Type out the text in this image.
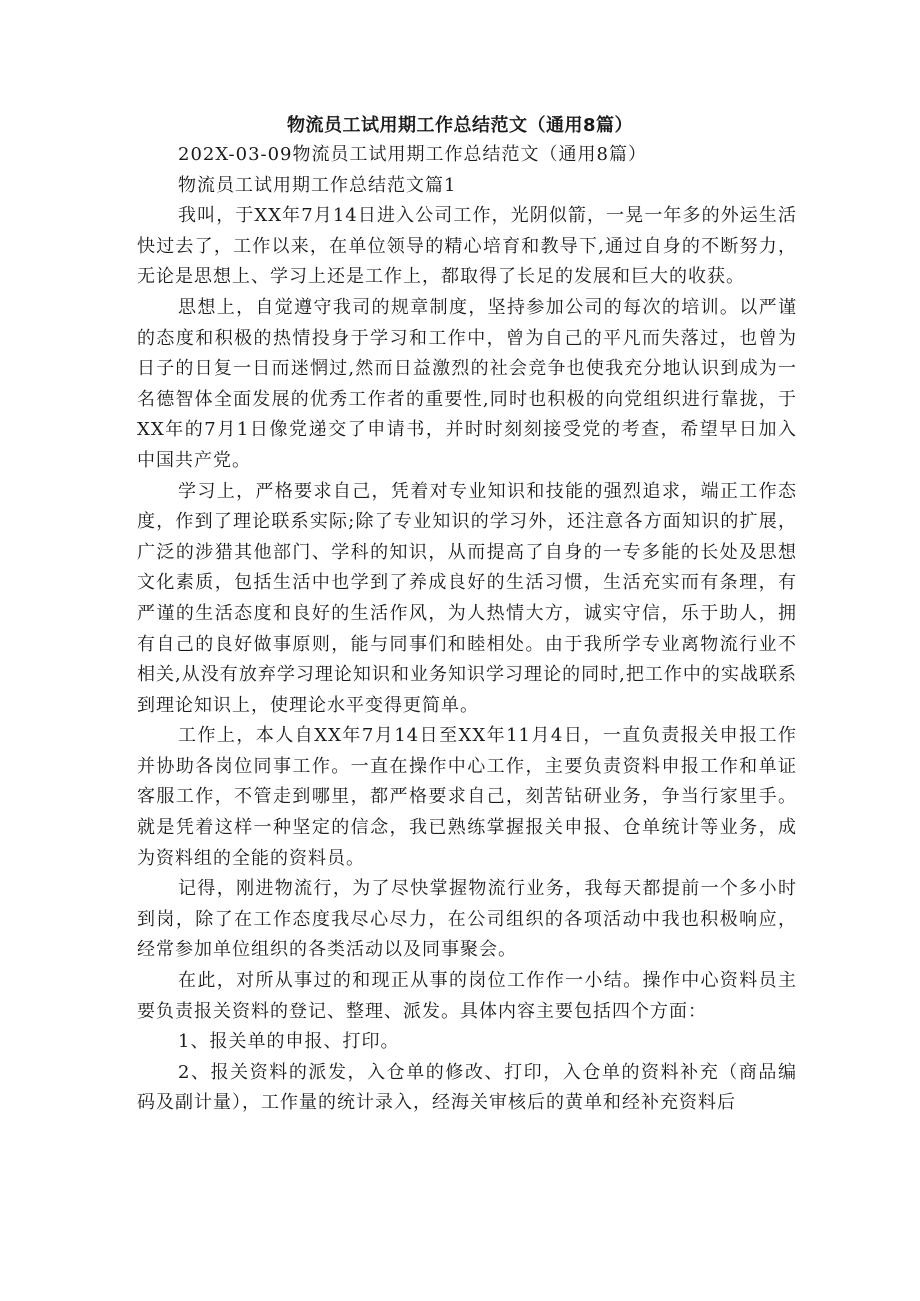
物流员工试用期工作总结范文（通用8篇）

202X-03-09物流员工试用期工作总结范文（通用8篇）

物流员工试用期工作总结范文篇1

我叫，于XX年7月14日进入公司工作，光阴似箭，一晃一年多的外运生活快过去了，工作以来，在单位领导的精心培育和教导下,通过自身的不断努力，无论是思想上、学习上还是工作上，都取得了长足的发展和巨大的收获。

思想上，自觉遵守我司的规章制度，坚持参加公司的每次的培训。以严谨的态度和积极的热情投身于学习和工作中，曾为自己的平凡而失落过，也曾为日子的日复一日而迷惘过,然而日益激烈的社会竞争也使我充分地认识到成为一名德智体全面发展的优秀工作者的重要性,同时也积极的向党组织进行靠拢，于XX年的7月1日像党递交了申请书，并时时刻刻接受党的考查，希望早日加入中国共产党。

学习上，严格要求自己，凭着对专业知识和技能的强烈追求，端正工作态度，作到了理论联系实际;除了专业知识的学习外，还注意各方面知识的扩展，广泛的涉猎其他部门、学科的知识，从而提高了自身的一专多能的长处及思想文化素质，包括生活中也学到了养成良好的生活习惯，生活充实而有条理，有严谨的生活态度和良好的生活作风，为人热情大方，诚实守信，乐于助人，拥有自己的良好做事原则，能与同事们和睦相处。由于我所学专业离物流行业不相关,从没有放弃学习理论知识和业务知识学习理论的同时,把工作中的实战联系到理论知识上，使理论水平变得更简单。

工作上，本人自XX年7月14日至XX年11月4日，一直负责报关申报工作并协助各岗位同事工作。一直在操作中心工作，主要负责资料申报工作和单证客服工作，不管走到哪里，都严格要求自己，刻苦钻研业务，争当行家里手。就是凭着这样一种坚定的信念，我已熟练掌握报关申报、仓单统计等业务，成为资料组的全能的资料员。

记得，刚进物流行，为了尽快掌握物流行业务，我每天都提前一个多小时到岗，除了在工作态度我尽心尽力，在公司组织的各项活动中我也积极响应，经常参加单位组织的各类活动以及同事聚会。

在此，对所从事过的和现正从事的岗位工作作一小结。操作中心资料员主要负责报关资料的登记、整理、派发。具体内容主要包括四个方面：

1、报关单的申报、打印。

2、报关资料的派发，入仓单的修改、打印，入仓单的资料补充（商品编码及副计量），工作量的统计录入，经海关审核后的黄单和经补充资料后
